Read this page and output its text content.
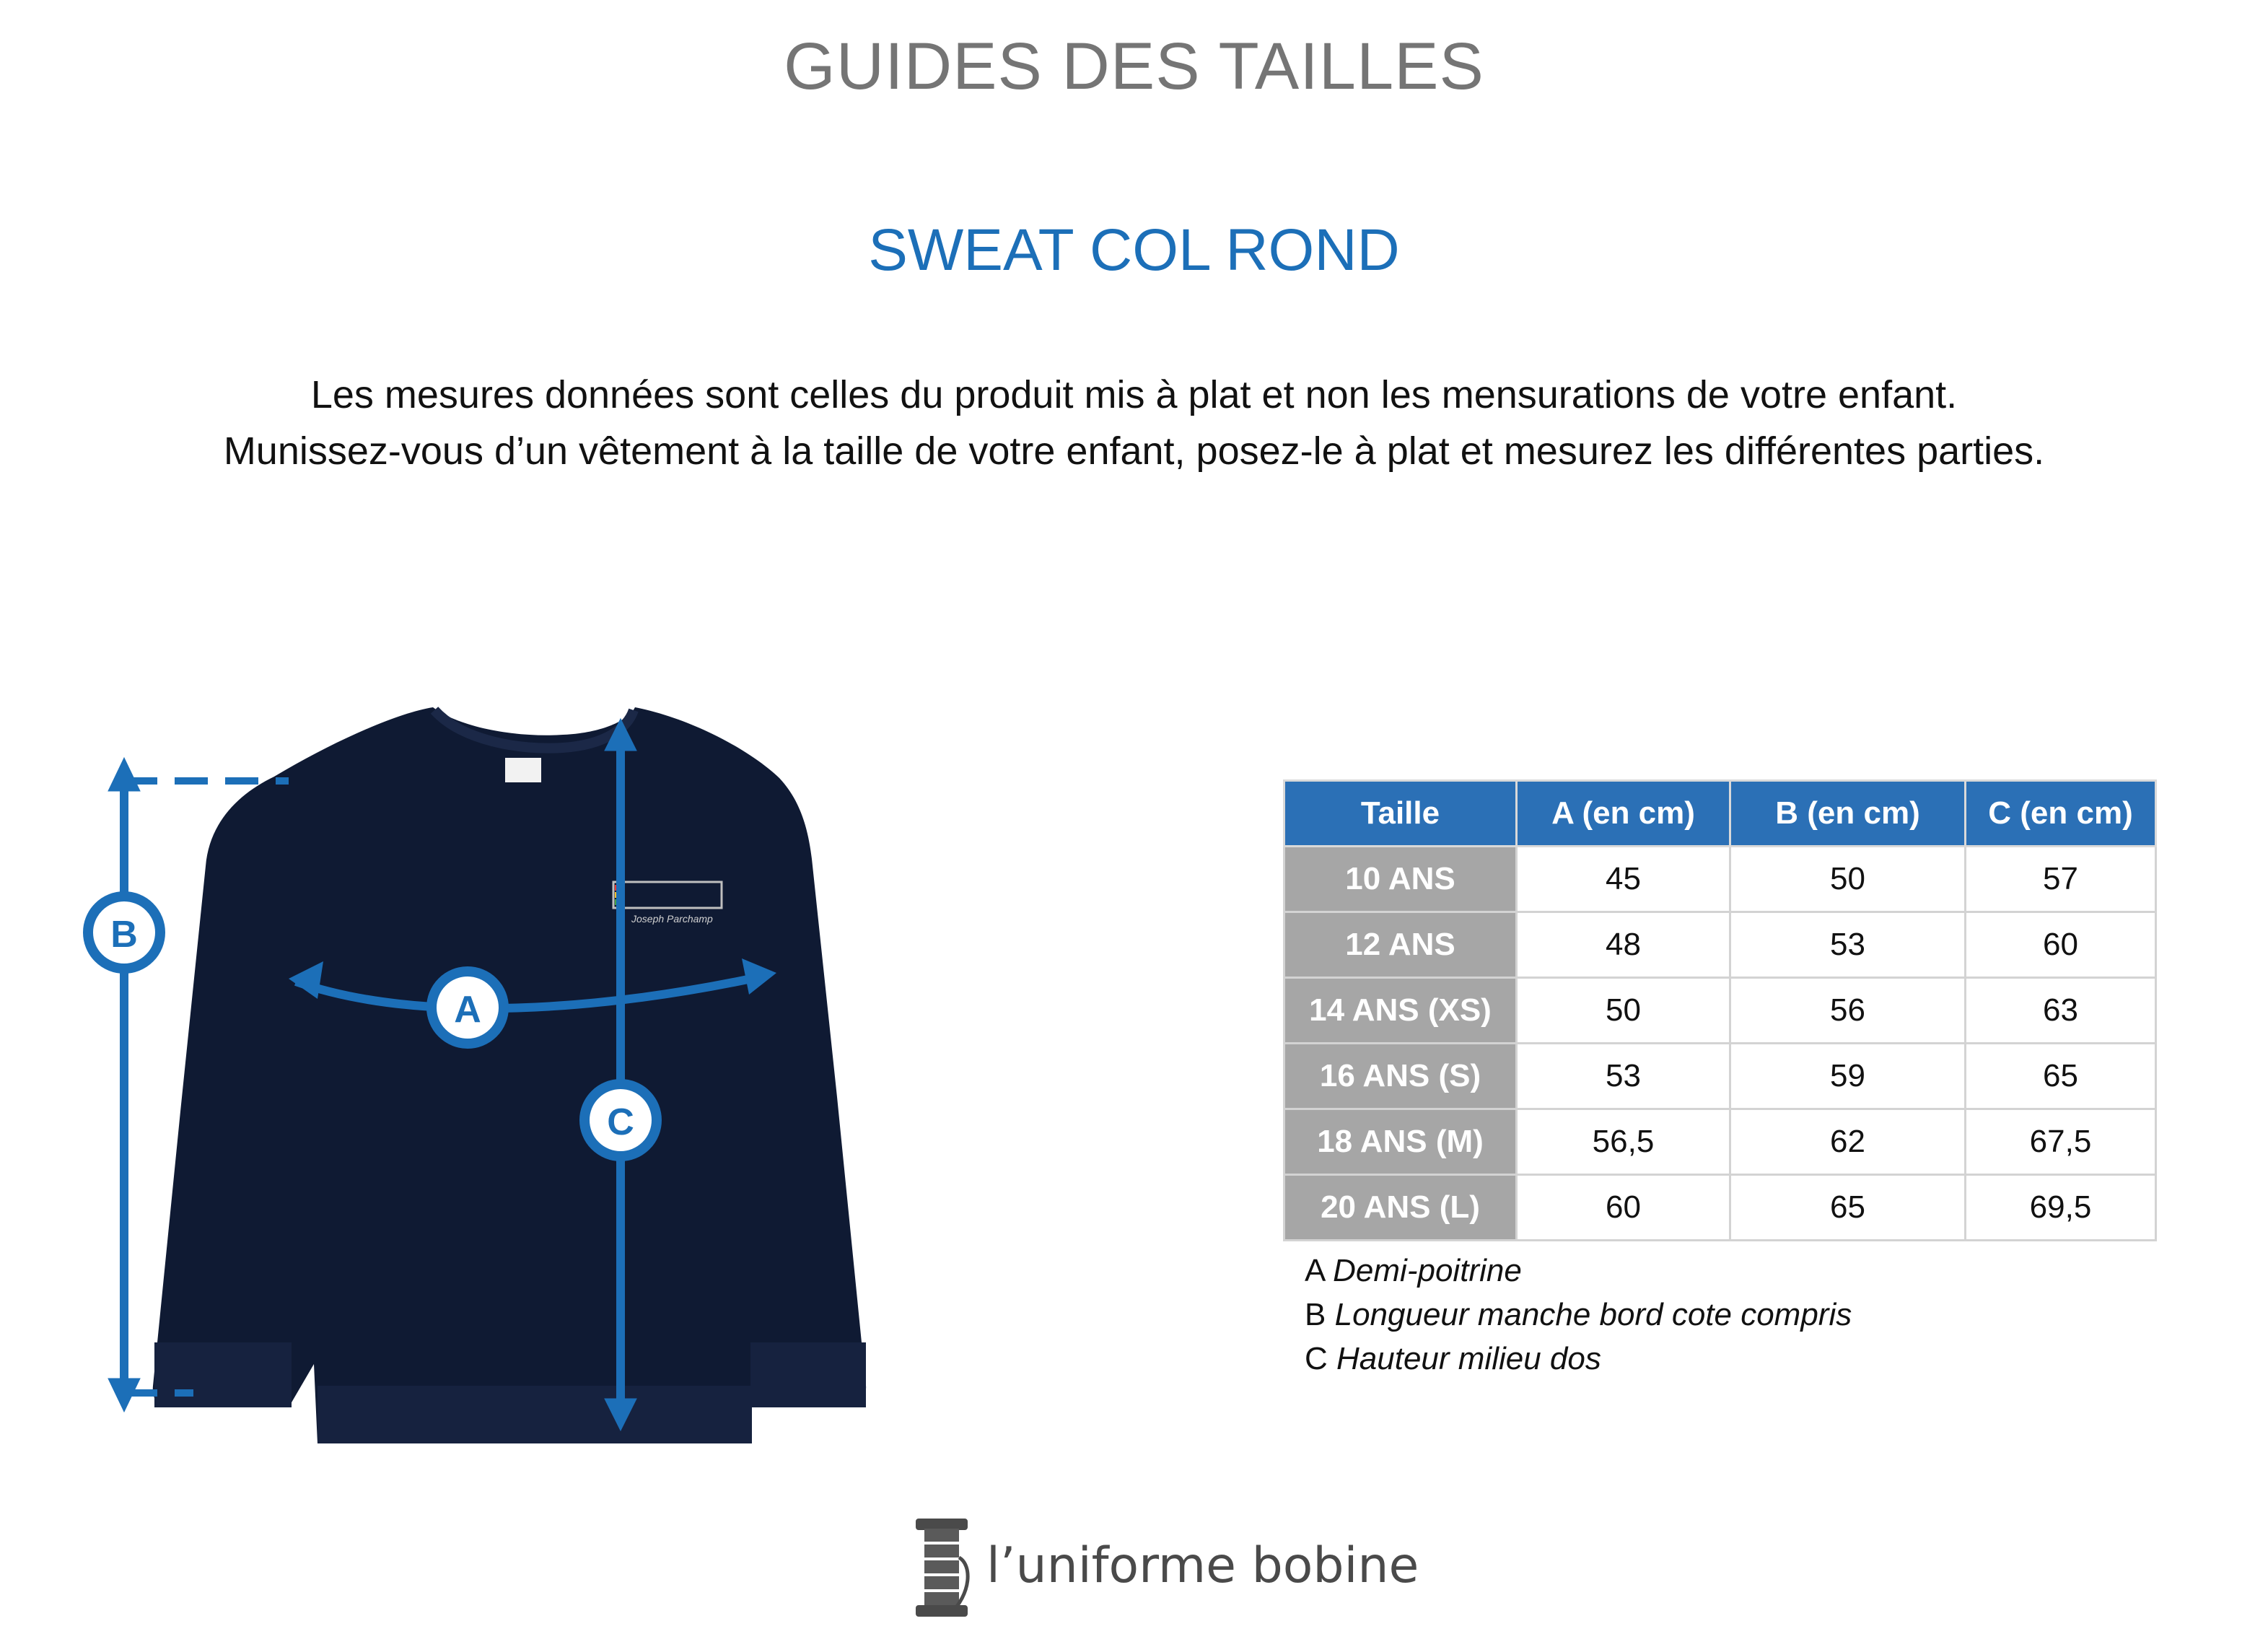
GUIDES DES TAILLES
SWEAT COL ROND
Les mesures données sont celles du produit mis à plat et non les mensurations de votre enfant.
Munissez-vous d’un vêtement à la taille de votre enfant, posez-le à plat et mesurez les différentes parties.
Joseph Parchamp
B
C
A
Taille	A (en cm)	B (en cm)	C (en cm)
10 ANS	45	50	57
12 ANS	48	53	60
14 ANS (XS)	50	56	63
16 ANS (S)	53	59	65
18 ANS (M)	56,5	62	67,5
20 ANS (L)	60	65	69,5
A Demi-poitrine
B Longueur manche bord cote compris
C Hauteur milieu dos
l’uniforme bobine
